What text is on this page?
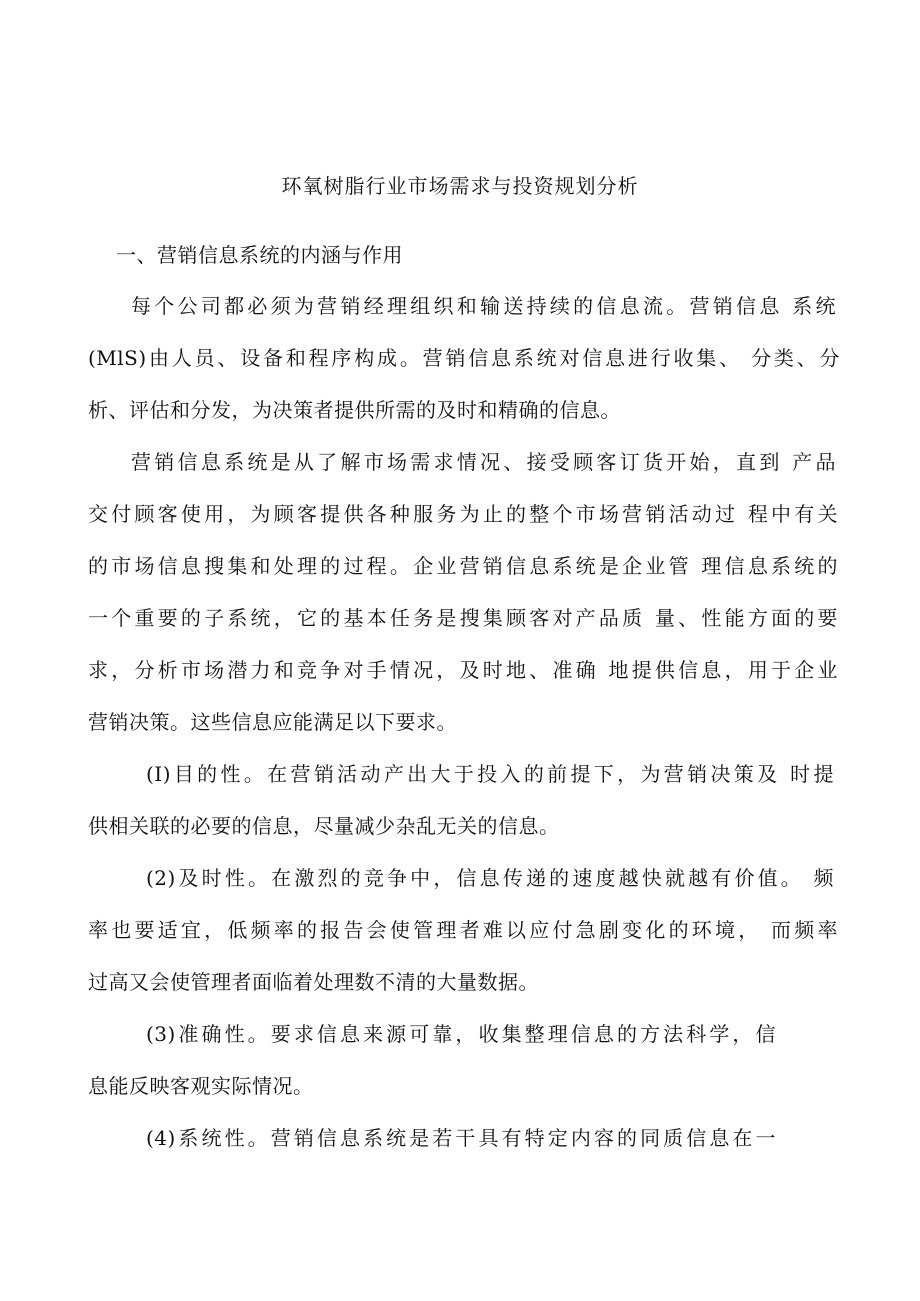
环氧树脂行业市场需求与投资规划分析
一、营销信息系统的内涵与作用
每个公司都必须为营销经理组织和输送持续的信息流。营销信息 系统
(MlS)由人员、设备和程序构成。营销信息系统对信息进行收集、 分类、分
析、评估和分发，为决策者提供所需的及时和精确的信息。
营销信息系统是从了解市场需求情况、接受顾客订货开始，直到 产品
交付顾客使用，为顾客提供各种服务为止的整个市场营销活动过 程中有关
的市场信息搜集和处理的过程。企业营销信息系统是企业管 理信息系统的
一个重要的子系统，它的基本任务是搜集顾客对产品质 量、性能方面的要
求，分析市场潜力和竞争对手情况，及时地、准确 地提供信息，用于企业
营销决策。这些信息应能满足以下要求。
(I)目的性。在营销活动产出大于投入的前提下，为营销决策及 时提
供相关联的必要的信息，尽量减少杂乱无关的信息。
(2)及时性。在激烈的竞争中，信息传递的速度越快就越有价值。 频
率也要适宜，低频率的报告会使管理者难以应付急剧变化的环境， 而频率
过高又会使管理者面临着处理数不清的大量数据。
(3)准确性。要求信息来源可靠，收集整理信息的方法科学，信
息能反映客观实际情况。
(4)系统性。营销信息系统是若干具有特定内容的同质信息在一
